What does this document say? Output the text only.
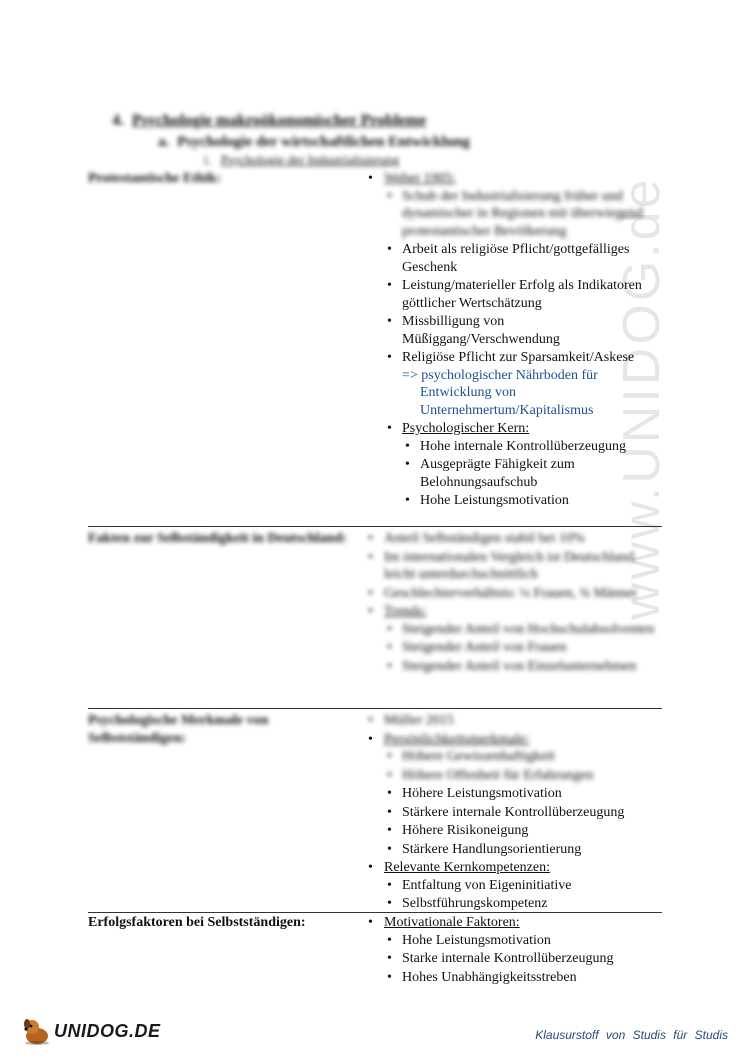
www.UNIDOG.de
4. Psychologie makroökonomischer Probleme
a. Psychologie der wirtschaftlichen Entwicklung
i. Psychologie der Industrialisierung
Protestantische Ethik:	• Weber 1905:
• Schub der Industrialisierung früher und dynamischer in Regionen mit überwiegend protestantischer Bevölkerung
• Arbeit als religiöse Pflicht/gottgefälliges Geschenk
• Leistung/materieller Erfolg als Indikatoren göttlicher Wertschätzung
• Missbilligung von Müßiggang/Verschwendung
• Religiöse Pflicht zur Sparsamkeit/Askese
=> psychologischer Nährboden für
Entwicklung von Unternehmertum/Kapitalismus
• Psychologischer Kern:
• Hohe internale Kontrollüberzeugung
• Ausgeprägte Fähigkeit zum Belohnungsaufschub
• Hohe Leistungsmotivation
Fakten zur Selbständigkeit in Deutschland:	• Anteil Selbständigen stabil bei 10%
• Im internationalen Vergleich ist Deutschland leicht unterdurchschnittlich
• Geschlechterverhältnis: ¼ Frauen, ¾ Männer
• Trends:
• Steigender Anteil von Hochschulabsolventen
• Steigender Anteil von Frauen
• Steigender Anteil von Einzelunternehmen
Psychologische Merkmale von Selbstständigen:
• Müller 2015
• Persönlichkeitsmerkmale:
• Höhere Gewissenhaftigkeit
• Höhere Offenheit für Erfahrungen
• Höhere Leistungsmotivation
• Stärkere internale Kontrollüberzeugung
• Höhere Risikoneigung
• Stärkere Handlungsorientierung
• Relevante Kernkompetenzen:
• Entfaltung von Eigeninitiative
• Selbstführungskompetenz
Erfolgsfaktoren bei Selbstständigen:	• Motivationale Faktoren:
• Hohe Leistungsmotivation
• Starke internale Kontrollüberzeugung
• Hohes Unabhängigkeitsstreben
UNIDOG.DE	Klausurstoff von Studis für Studis
